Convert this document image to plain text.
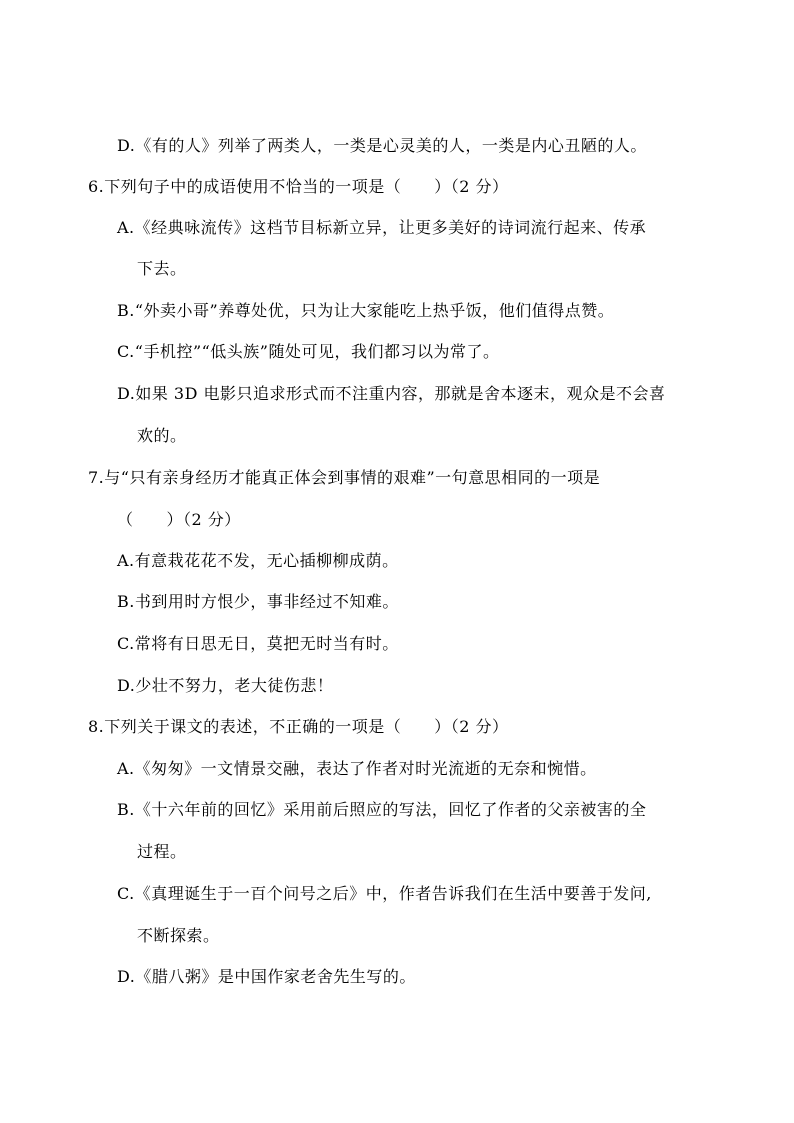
D.《有的人》列举了两类人，一类是心灵美的人，一类是内心丑陋的人。
6.下列句子中的成语使用不恰当的一项是（　　）（2 分）
A.《经典咏流传》这档节目标新立异，让更多美好的诗词流行起来、传承
下去。
B.“外卖小哥”养尊处优，只为让大家能吃上热乎饭，他们值得点赞。
C.“手机控”“低头族”随处可见，我们都习以为常了。
D.如果 3D 电影只追求形式而不注重内容，那就是舍本逐末，观众是不会喜
欢的。
7.与“只有亲身经历才能真正体会到事情的艰难”一句意思相同的一项是
（　　）（2 分）
A.有意栽花花不发，无心插柳柳成荫。
B.书到用时方恨少，事非经过不知难。
C.常将有日思无日，莫把无时当有时。
D.少壮不努力，老大徒伤悲！
8.下列关于课文的表述，不正确的一项是（　　）（2 分）
A.《匆匆》一文情景交融，表达了作者对时光流逝的无奈和惋惜。
B.《十六年前的回忆》采用前后照应的写法，回忆了作者的父亲被害的全
过程。
C.《真理诞生于一百个问号之后》中，作者告诉我们在生活中要善于发问,
不断探索。
D.《腊八粥》是中国作家老舍先生写的。
